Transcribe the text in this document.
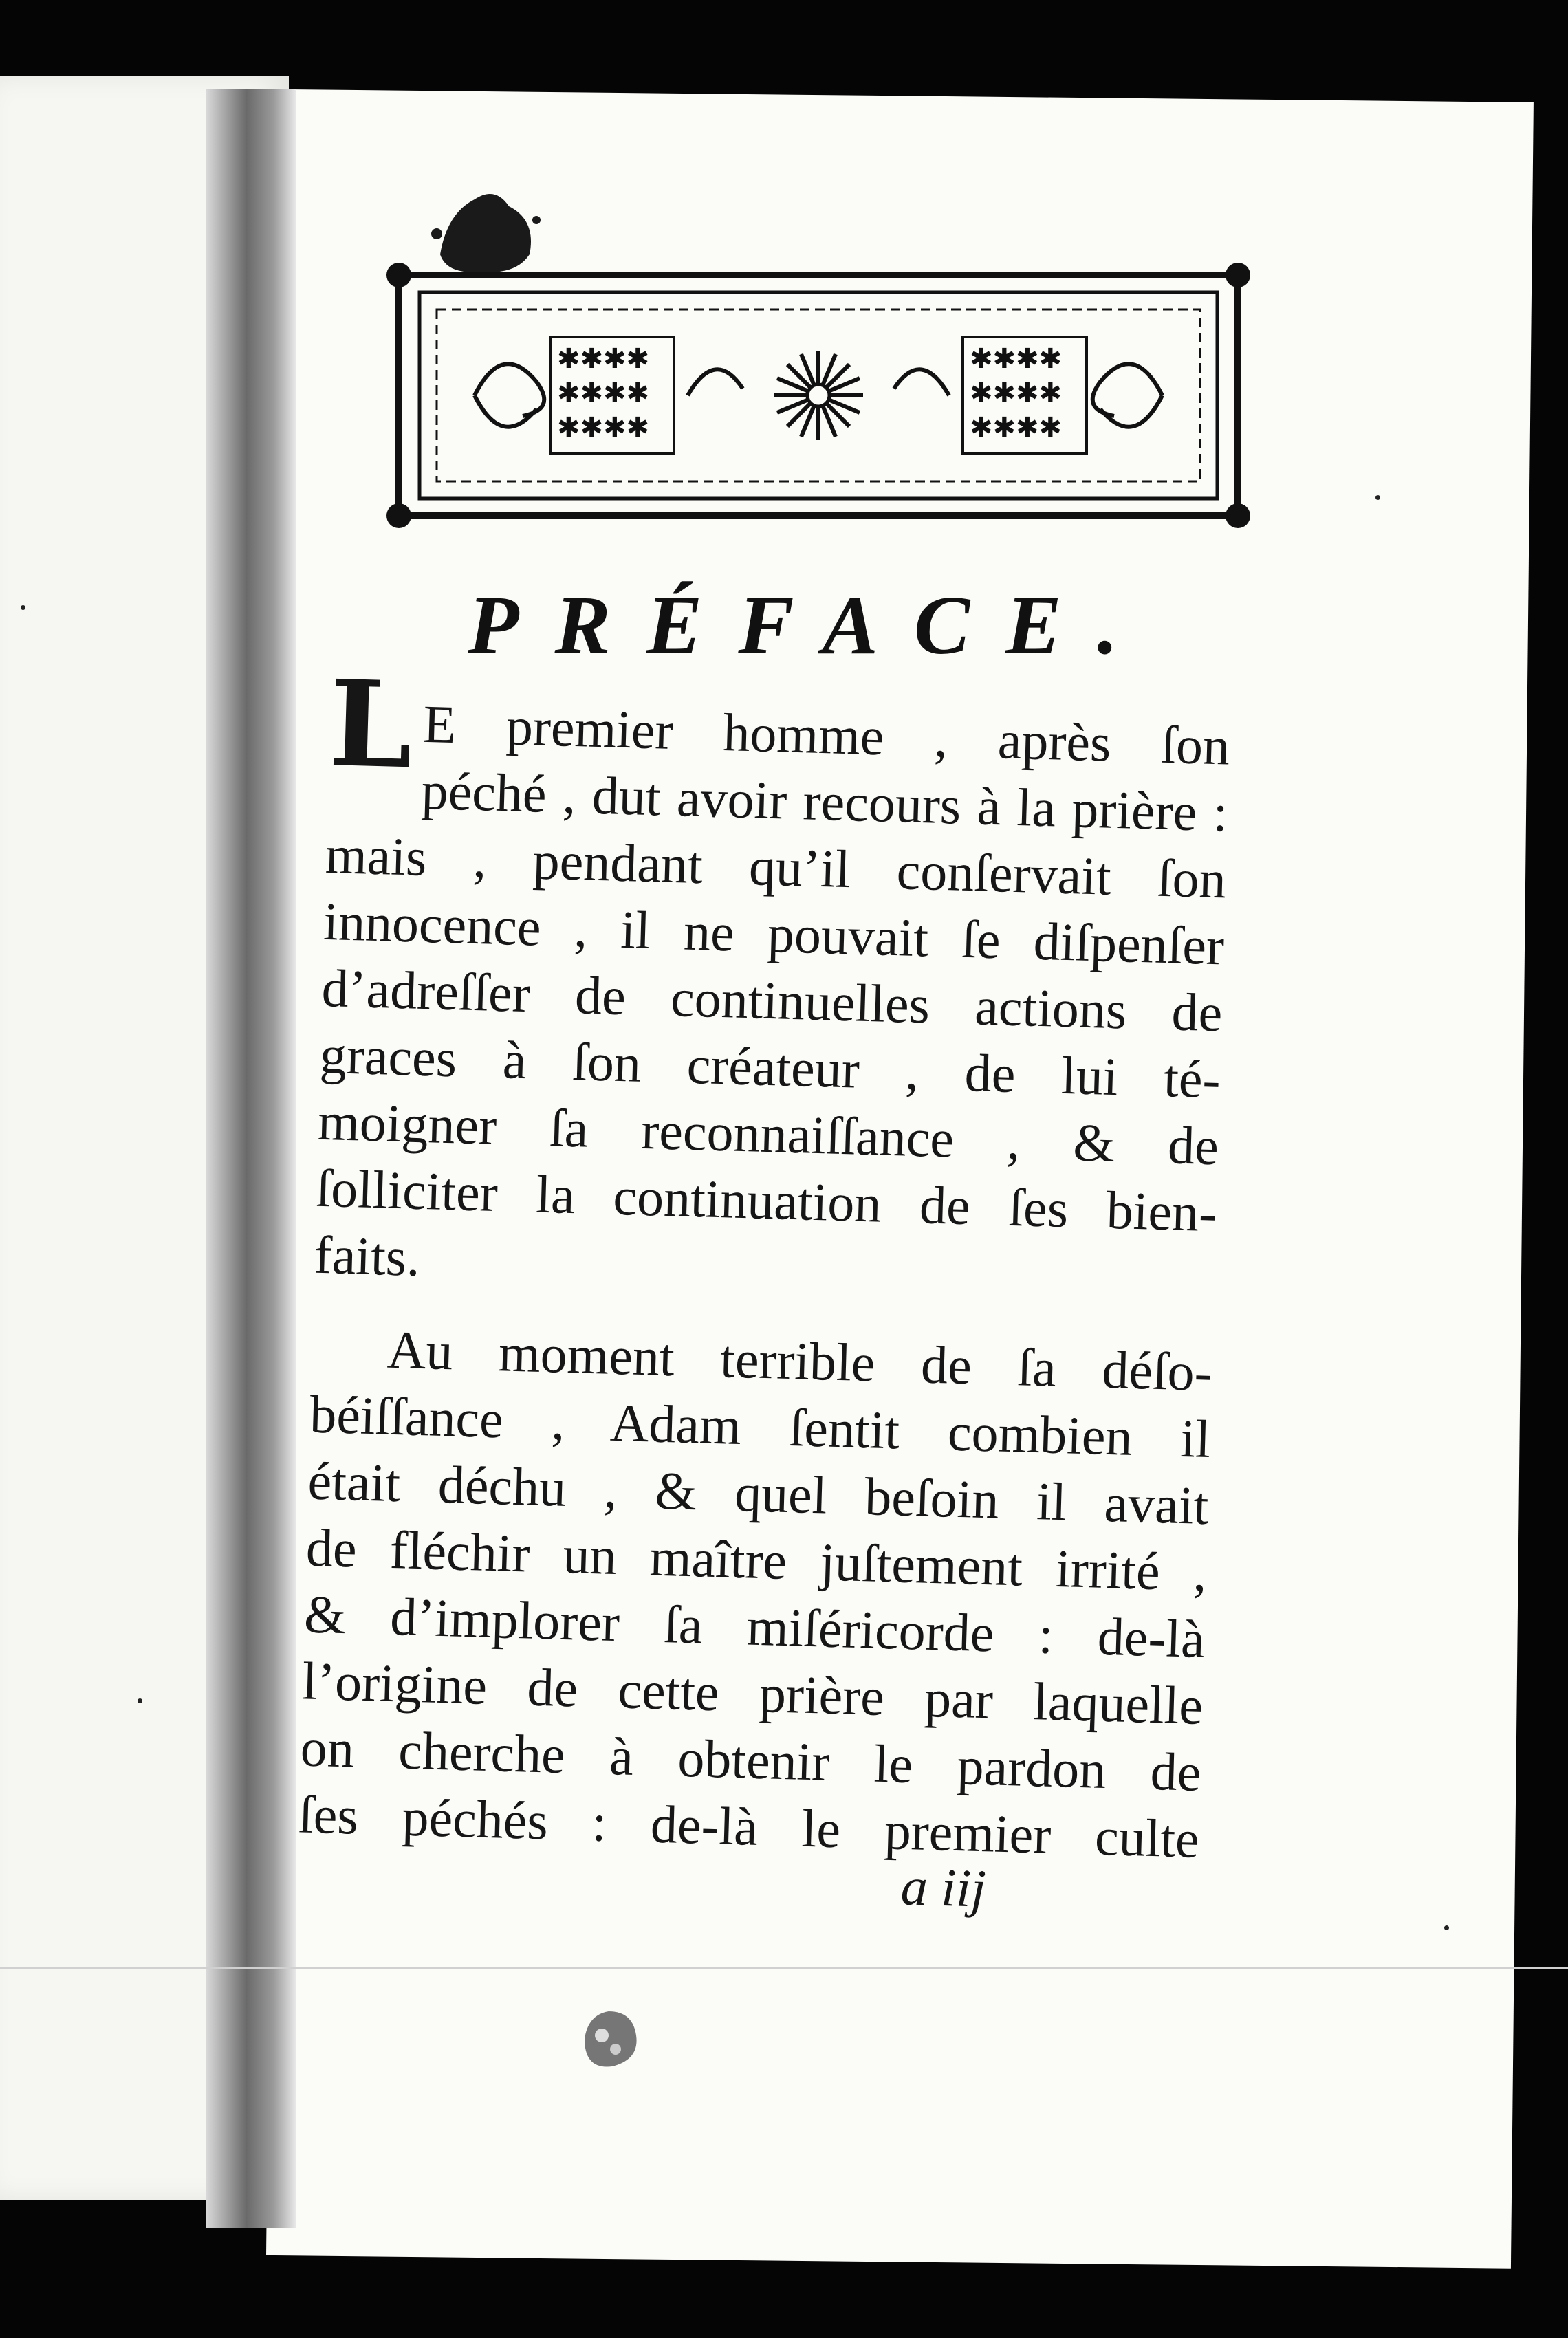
✱✱✱✱
✱✱✱✱
✱✱✱✱
✱✱✱✱
✱✱✱✱
✱✱✱✱
PRÉFACE.
L E premier homme , après ſon
péché , dut avoir recours à la prière :
mais , pendant qu’il conſervait ſon
innocence , il ne pouvait ſe diſpenſer
d’adreſſer de continuelles actions de
graces à ſon créateur , de lui té-
moigner ſa reconnaiſſance , & de
ſolliciter la continuation de ſes bien-
faits.
Au moment terrible de ſa déſo-
béiſſance , Adam ſentit combien il
était déchu , & quel beſoin il avait
de fléchir un maître juſtement irrité ,
& d’implorer ſa miſéricorde : de-là
l’origine de cette prière par laquelle
on cherche à obtenir le pardon de
ſes péchés : de-là le premier culte
a iij
